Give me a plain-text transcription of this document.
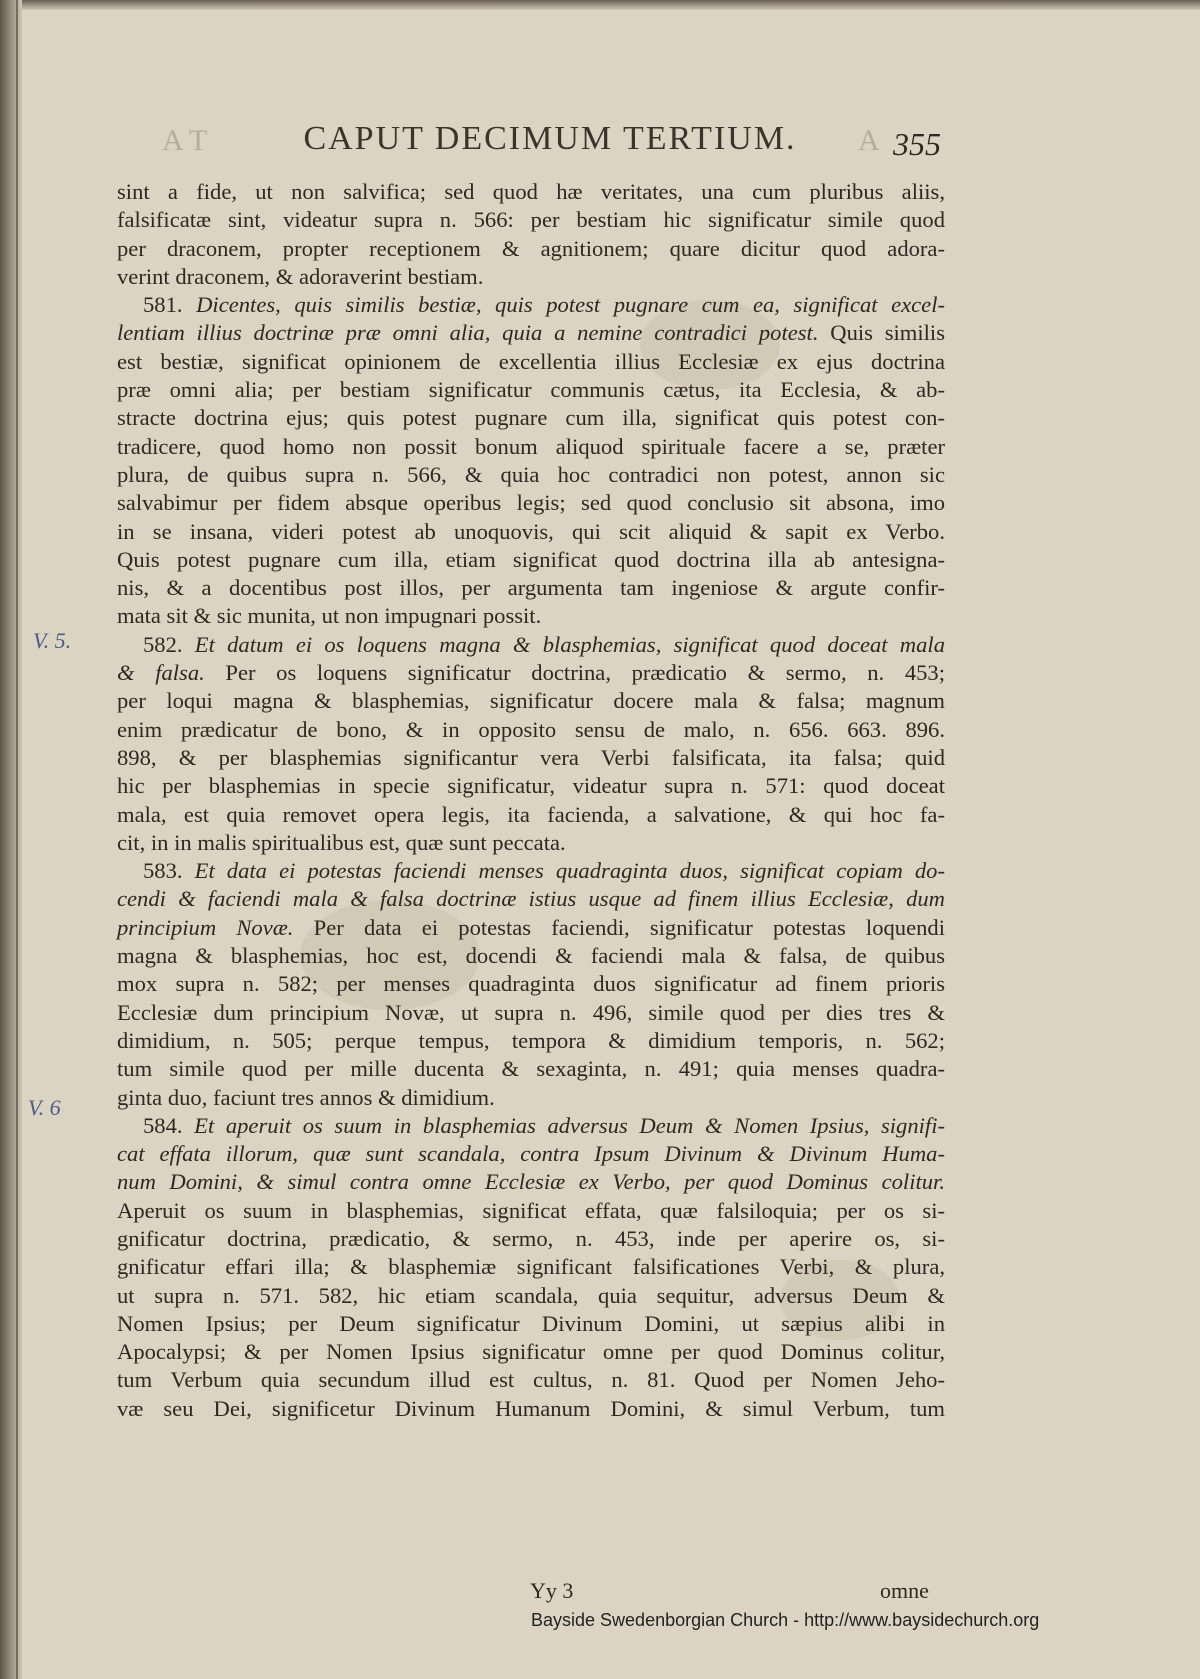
A T	A
CAPUT DECIMUM TERTIUM.	355
sint a fide, ut non salvifica; sed quod hæ veritates, una cum pluribus aliis,
falsificatæ sint, videatur supra n. 566: per bestiam hic significatur simile quod
per draconem, propter receptionem & agnitionem; quare dicitur quod adora-
verint draconem, & adoraverint bestiam.
581. Dicentes, quis similis bestiæ, quis potest pugnare cum ea, significat excel-
lentiam illius doctrinæ præ omni alia, quia a nemine contradici potest. Quis similis
est bestiæ, significat opinionem de excellentia illius Ecclesiæ ex ejus doctrina
præ omni alia; per bestiam significatur communis cætus, ita Ecclesia, & ab-
stracte doctrina ejus; quis potest pugnare cum illa, significat quis potest con-
tradicere, quod homo non possit bonum aliquod spirituale facere a se, præter
plura, de quibus supra n. 566, & quia hoc contradici non potest, annon sic
salvabimur per fidem absque operibus legis; sed quod conclusio sit absona, imo
in se insana, videri potest ab unoquovis, qui scit aliquid & sapit ex Verbo.
Quis potest pugnare cum illa, etiam significat quod doctrina illa ab antesigna-
nis, & a docentibus post illos, per argumenta tam ingeniose & argute confir-
mata sit & sic munita, ut non impugnari possit.
582. Et datum ei os loquens magna & blasphemias, significat quod doceat mala
& falsa. Per os loquens significatur doctrina, prædicatio & sermo, n. 453;
per loqui magna & blasphemias, significatur docere mala & falsa; magnum
enim prædicatur de bono, & in opposito sensu de malo, n. 656. 663. 896.
898, & per blasphemias significantur vera Verbi falsificata, ita falsa; quid
hic per blasphemias in specie significatur, videatur supra n. 571: quod doceat
mala, est quia removet opera legis, ita facienda, a salvatione, & qui hoc fa-
cit, in in malis spiritualibus est, quæ sunt peccata.
583. Et data ei potestas faciendi menses quadraginta duos, significat copiam do-
cendi & faciendi mala & falsa doctrinæ istius usque ad finem illius Ecclesiæ, dum
principium Novæ. Per data ei potestas faciendi, significatur potestas loquendi
magna & blasphemias, hoc est, docendi & faciendi mala & falsa, de quibus
mox supra n. 582; per menses quadraginta duos significatur ad finem prioris
Ecclesiæ dum principium Novæ, ut supra n. 496, simile quod per dies tres &
dimidium, n. 505; perque tempus, tempora & dimidium temporis, n. 562;
tum simile quod per mille ducenta & sexaginta, n. 491; quia menses quadra-
ginta duo, faciunt tres annos & dimidium.
584. Et aperuit os suum in blasphemias adversus Deum & Nomen Ipsius, signifi-
cat effata illorum, quæ sunt scandala, contra Ipsum Divinum & Divinum Huma-
num Domini, & simul contra omne Ecclesiæ ex Verbo, per quod Dominus colitur.
Aperuit os suum in blasphemias, significat effata, quæ falsiloquia; per os si-
gnificatur doctrina, prædicatio, & sermo, n. 453, inde per aperire os, si-
gnificatur effari illa; & blasphemiæ significant falsificationes Verbi, & plura,
ut supra n. 571. 582, hic etiam scandala, quia sequitur, adversus Deum &
Nomen Ipsius; per Deum significatur Divinum Domini, ut sæpius alibi in
Apocalypsi; & per Nomen Ipsius significatur omne per quod Dominus colitur,
tum Verbum quia secundum illud est cultus, n. 81. Quod per Nomen Jeho-
væ seu Dei, significetur Divinum Humanum Domini, & simul Verbum, tum
V. 5.
V. 6
Yy 3	omne
Bayside Swedenborgian Church - http://www.baysidechurch.org
